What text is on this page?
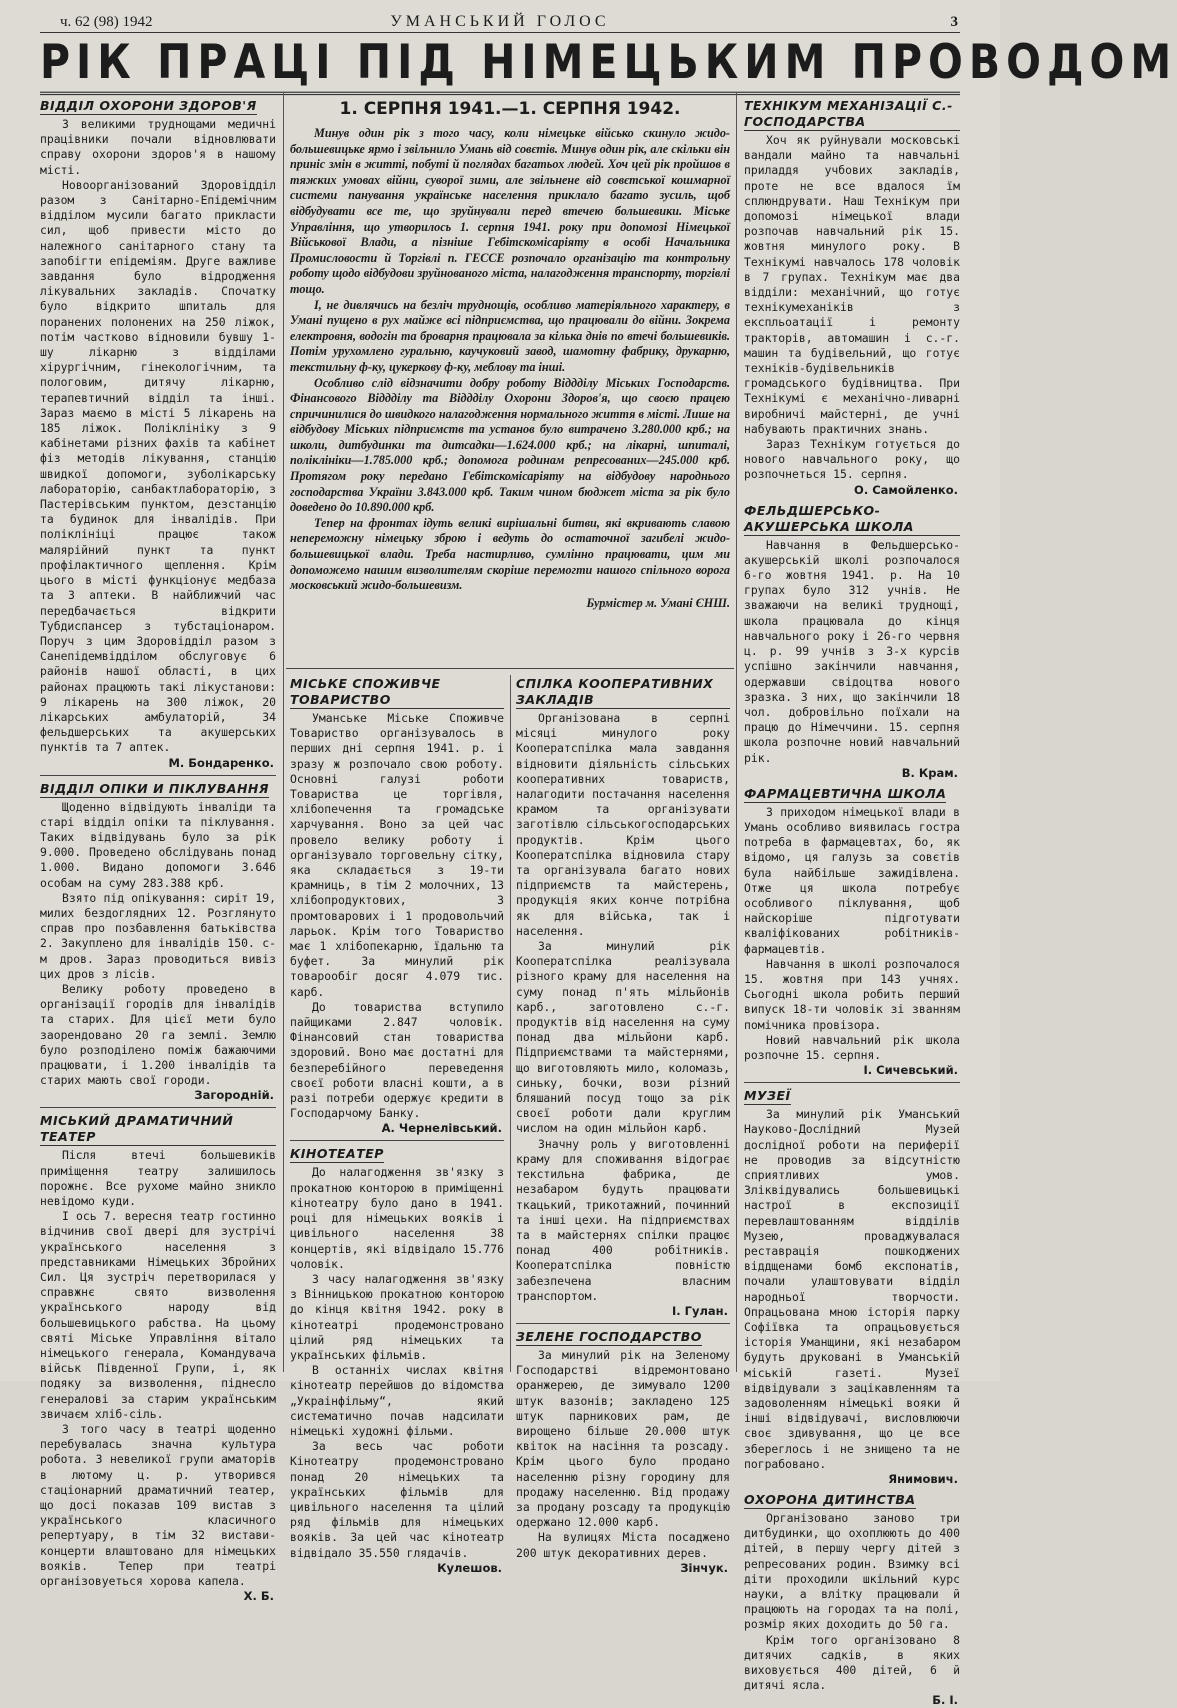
ч. 62 (98) 1942	УМАНСЬКИЙ ГОЛОС	3
РІК ПРАЦІ ПІД НІМЕЦЬКИМ ПРОВОДОМ
ВІДДІЛ ОХОРОНИ ЗДОРОВ'Я

З великими труднощами медичні працівники почали відновлювати справу охорони здоров'я в нашому місті.

Новоорганізований Здоровідділ разом з Санітарно-Епідемічним відділом мусили багато прикласти сил, щоб привести місто до належного санітарного стану та запобігти епідеміям. Друге важливе завдання було відродження лікувальних закладів. Спочатку було відкрито шпиталь для поранених полонених на 250 ліжок, потім частково відновили бувшу 1-шу лікарню з відділами хірургічним, гінекологічним, та пологовим, дитячу лікарню, терапевтичний відділ та інші. Зараз маємо в місті 5 лікарень на 185 ліжок. Поліклініку з 9 кабінетами різних фахів та кабінет фіз методів лікування, станцію швидкої допомоги, зуболікарську лабораторію, санбактлабораторію, з Пастерівським пунктом, дезстанцію та будинок для інвалідів. При поліклініці працює також малярійний пункт та пункт профілактичного щеплення. Крім цього в місті функціонує медбаза та 3 аптеки. В найближчий час передбачається відкрити Тубдиспансер з тубстаціонаром. Поруч з цим Здоровідділ разом з Санепідемвідділом обслуговує 6 районів нашої області, в цих районах працюють такі лікустанови: 9 лікарень на 300 ліжок, 20 лікарських амбулаторій, 34 фельдшерських та акушерських пунктів та 7 аптек.

М. Бондаренко.
ВІДДІЛ ОПІКИ И ПІКЛУВАННЯ

Щоденно відвідують інваліди та старі відділ опіки та піклування. Таких відвідувань було за рік 9.000. Проведено обслідувань понад 1.000. Видано допомоги 3.646 особам на суму 283.388 крб.

Взято під опікування: сиріт 19, милих бездоглядних 12. Розглянуто справ про позбавлення батьківства 2. Закуплено для інвалідів 150. с-м дров. Зараз проводиться вивіз цих дров з лісів.

Велику роботу проведено в організації городів для інвалідів та старих. Для цієї мети було заорендовано 20 га землі. Землю було розподілено поміж бажаючими працювати, і 1.200 інвалідів та старих мають свої городи.

Загородній.
МІСЬКИЙ ДРАМАТИЧНИЙ ТЕАТЕР

Після втечі большевиків приміщення театру залишилось порожнє. Все рухоме майно зникло невідомо куди.

І ось 7. вересня театр гостинно відчинив свої двері для зустрічі українського населення з представниками Німецьких Збройних Сил. Ця зустріч перетворилася у справжнє свято визволення українського народу від большевицького рабства. На цьому святі Міське Управління вітало німецького генерала, Командувача військ Південної Групи, і, як подяку за визволення, піднесло генералові за старим українським звичаєм хліб-сіль.

З того часу в театрі щоденно перебувалась значна культура робота. З невеликої групи аматорів в лютому ц. р. утворився стаціонарний драматичний театер, що досі показав 109 вистав з українського класичного репертуару, в тім 32 вистави-концерти влаштовано для німецьких вояків. Тепер при театрі організовуеться хорова капела.

Х. Б.
1. СЕРПНЯ 1941.—1. СЕРПНЯ 1942.

Минув один рік з того часу, коли німецьке військо скинуло жидо-большевицьке ярмо і звільнило Умань від совєтів. Минув один рік, але скільки він приніс змін в житті, побуті й поглядах багатьох людей. Хоч цей рік пройшов в тяжких умовах війни, суворої зими, але звільнене від совєтської кошмарної системи панування українське населення приклало багато зусиль, щоб відбудувати все те, що зруйнували перед втечею большевики. Міське Управління, що утворилось 1. серпня 1941. року при допомозі Німецької Військової Влади, а пізніше Гебітскомісаріяту в особі Начальника Промисловости й Торгівлі п. ГЕССЕ розпочало організацію та контрольну роботу щодо відбудови зруйнованого міста, налагодження транспорту, торгівлі тощо.

І, не дивлячись на безліч труднощів, особливо матеріяльного характеру, в Умані пущено в рух майже всі підприємства, що працювали до війни. Зокрема електровня, водогін та броварня працювала за кілька днів по втечі большевиків. Потім урухомлено гуральню, каучуковий завод, шамотну фабрику, друкарню, текстильну ф-ку, цукеркову ф-ку, меблову та інші.

Особливо слід відзначити добру роботу Віддділу Міських Господарств. Фінансового Віддділу та Віддділу Охорони Здоров'я, що своєю працею спричинилися до швидкого налагодження нормального життя в місті. Лише на відбудову Міських підприємств та установ було витрачено 3.280.000 крб.; на школи, дитбудинки та дитсадки—1.624.000 крб.; на лікарні, шпиталі, поліклініки—1.785.000 крб.; допомога родинам репресованих—245.000 крб. Протягом року передано Гебітскомісаріяту на відбудову народнього господарства України 3.843.000 крб. Таким чином бюджет міста за рік було доведено до 10.890.000 крб.

Тепер на фронтах ідуть великі вирішальні битви, які вкривають славою непереможну німецьку зброю і ведуть до остаточної загибелі жидо-большевицької влади. Треба настирливо, сумлінно працювати, цим ми допоможемо нашим визволителям скоріше перемогти нашого спільного ворога московський жидо-большевизм.

Бурмістер м. Умані ЄНШ.
МІСЬКЕ СПОЖИВЧЕ ТОВАРИСТВО

Уманське Міське Споживче Товариство організувалось в перших дні серпня 1941. р. і зразу ж розпочало свою роботу. Основні галузі роботи Товариства це торгівля, хлібопечення та громадське харчування. Воно за цей час провело велику роботу і організувало торговельну сітку, яка складається з 19-ти крамниць, в тім 2 молочних, 13 хлібопродуктових, 3 промтоварових і 1 продовольчий ларьок. Крім того Товариство має 1 хлібопекарню, їдальню та буфет. За минулий рік товарообіг досяг 4.079 тис. карб.

До товариства вступило пайщиками 2.847 чоловік. Фінансовий стан товариства здоровий. Воно має достатні для безперебійного переведення своєї роботи власні кошти, а в разі потреби одержує кредити в Господарчому Банку.

А. Чернелівський.
КІНОТЕАТЕР

До налагодження зв'язку з прокатною конторою в приміщенні кінотеатру було дано в 1941. році для німецьких вояків і цивільного населення 38 концертів, які відвідало 15.776 чоловік.

З часу налагодження зв'язку з Вінницькою прокатною конторою до кінця квітня 1942. року в кінотеатрі продемонстровано цілий ряд німецьких та українських фільмів.

В останніх числах квітня кінотеатр перейшов до відомства „Украінфільму“, який систематично почав надсилати німецькі художні фільми.

За весь час роботи Кінотеатру продемонстровано понад 20 німецьких та українських фільмів для цивільного населення та цілий ряд фільмів для німецьких вояків. За цей час кінотеатр відвідало 35.550 глядачів.

Кулешов.
СПІЛКА КООПЕРАТИВНИХ ЗАКЛАДІВ

Організована в серпні місяці минулого року Кооператспілка мала завдання відновити діяльність сільських кооперативних товариств, налагодити постачання населення крамом та організувати заготівлю сільськогосподарських продуктів. Крім цього Кооператспілка відновила стару та організувала багато нових підприємств та майстерень, продукція яких конче потрібна як для війська, так і населення.

За минулий рік Кооператспілка реалізувала різного краму для населення на суму понад п'ять мільйонів карб., заготовлено с.-г. продуктів від населення на суму понад два мільйони карб. Підприємствами та майстернями, що виготовляють мило, коломазь, синьку, бочки, вози різний бляшаний посуд тощо за рік своєї роботи дали круглим числом на один мільйон карб.

Значну роль у виготовленні краму для споживання відограє текстильна фабрика, де незабаром будуть працювати ткацький, трикотажний, починний та інші цехи. На підприємствах та в майстернях спілки працює понад 400 робітників. Кооператспілка повністю забезпечена власним транспортом.

І. Гулан.
ЗЕЛЕНЕ ГОСПОДАРСТВО

За минулий рік на Зеленому Господарстві відремонтовано оранжерею, де зимувало 1200 штук вазонів; закладено 125 штук парникових рам, де вирощено більше 20.000 штук квіток на насіння та розсаду. Крім цього було продано населенню різну городину для продажу населенню. Від продажу за продану розсаду та продукцію одержано 12.000 карб.

На вулицях Міста посаджено 200 штук декоративних дерев.

Зінчук.
ТЕХНІКУМ МЕХАНІЗАЦІЇ С.-ГОСПОДАРСТВА

Хоч як руйнували московські вандали майно та навчальні приладдя учбових закладів, проте не все вдалося їм сплюндрувати. Наш Технікум при допомозі німецької влади розпочав навчальний рік 15. жовтня минулого року. В Технікумі навчалось 178 чоловік в 7 групах. Технікум має два відділи: механічний, що готує технікумеханіків з експльоатації і ремонту тракторів, автомашин і с.-г. машин та будівельний, що готує техніків-будівельників громадського будівництва. При Технікумі є механічно-ливарні виробничі майстерні, де учні набувають практичних знань.

Зараз Технікум готується до нового навчального року, що розпочнеться 15. серпня.

О. Самойленко.
ФЕЛЬДШЕРСЬКО-АКУШЕРСЬКА ШКОЛА

Навчання в Фельдшерсько-акушерській школі розпочалося 6-го жовтня 1941. р. На 10 групах було 312 учнів. Не зважаючи на великі труднощі, школа працювала до кінця навчального року і 26-го червня ц. р. 99 учнів з 3-х курсів успішно закінчили навчання, одержавши свідоцтва нового зразка. З них, що закінчили 18 чол. добровільно поїхали на працю до Німеччини. 15. серпня школа розпочне новий навчальний рік.

В. Крам.
ФАРМАЦЕВТИЧНА ШКОЛА

З приходом німецької влади в Умань особливо виявилась гостра потреба в фармацевтах, бо, як відомо, ця галузь за совєтів була найбільше зажидівлена. Отже ця школа потребує особливого піклування, щоб найскоріше підготувати кваліфікованих робітників-фармацевтів.

Навчання в школі розпочалося 15. жовтня при 143 учнях. Сьогодні школа робить перший випуск 18-ти чоловік зі званням помічника провізора.

Новий навчальний рік школа розпочне 15. серпня.

І. Сичевський.
МУЗЕЇ

За минулий рік Уманський Науково-Дослідний Музей дослідної роботи на периферії не проводив за відсутністю сприятливих умов. Зліквідувались большевицькі настрої в експозиції перевлаштованням відділів Музею, проваджувалася реставрація пошкоджених віддщенами бомб експонатів, почали улаштовувати відділ народньої творчости. Опрацьована мною історія парку Софіївка та опрацьовується історія Уманщини, які незабаром будуть друковані в Уманській міській газеті. Музеї відвідували з зацікавленням та задоволенням німецькі вояки й інші відвідувачі, висловлюючи своє здивування, що це все збереглось і не знищено та не пограбовано.

Янимович.
ОХОРОНА ДИТИНСТВА

Організовано заново три дитбудинки, що охоплюють до 400 дітей, в першу чергу дітей з репресованих родин. Взимку всі діти проходили шкільний курс науки, а влітку працювали й працюють на городах та на полі, розмір яких доходить до 50 га.

Крім того організовано 8 дитячих садків, в яких виховується 400 дітей, 6 й дитячі ясла.

Б. І.
